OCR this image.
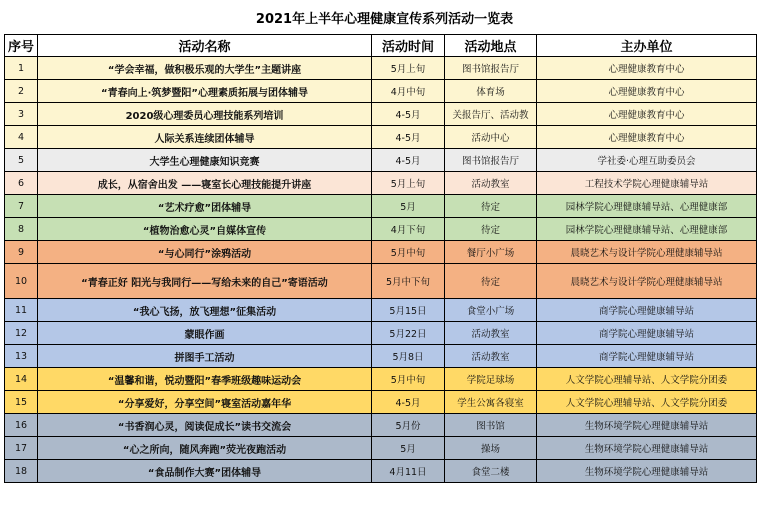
2021年上半年心理健康宣传系列活动一览表
序号	活动名称	活动时间	活动地点	主办单位
1	“学会幸福，做积极乐观的大学生”主题讲座	5月上旬	图书馆报告厅	心理健康教育中心
2	“青春向上·筑梦暨阳”心理素质拓展与团体辅导	4月中旬	体育场	心理健康教育中心
3	2020级心理委员心理技能系列培训	4-5月	关报告厅、活动教	心理健康教育中心
4	人际关系连续团体辅导	4-5月	活动中心	心理健康教育中心
5	大学生心理健康知识竞赛	4-5月	图书馆报告厅	学社委·心理互助委员会
6	成长，从宿舍出发 ——寝室长心理技能提升讲座	5月上旬	活动教室	工程技术学院心理健康辅导站
7	“艺术疗愈”团体辅导	5月	待定	园林学院心理健康辅导站、心理健康部
8	“植物治愈心灵”自媒体宣传	4月下旬	待定	园林学院心理健康辅导站、心理健康部
9	“与心同行”涂鸦活动	5月中旬	餐厅小广场	晨晓艺术与设计学院心理健康辅导站
10	“青春正好 阳光与我同行——写给未来的自己”寄语活动	5月中下旬	待定	晨晓艺术与设计学院心理健康辅导站
11	“我心飞扬，放飞理想”征集活动	5月15日	食堂小广场	商学院心理健康辅导站
12	蒙眼作画	5月22日	活动教室	商学院心理健康辅导站
13	拼图手工活动	5月8日	活动教室	商学院心理健康辅导站
14	“温馨和谐，悦动暨阳”春季班级趣味运动会	5月中旬	学院足球场	人文学院心理辅导站、人文学院分团委
15	“分享爱好，分享空间”寝室活动嘉年华	4-5月	学生公寓各寝室	人文学院心理辅导站、人文学院分团委
16	“书香润心灵，阅读促成长”读书交流会	5月份	图书馆	生物环境学院心理健康辅导站
17	“心之所向，随风奔跑”荧光夜跑活动	5月	操场	生物环境学院心理健康辅导站
18	“食品制作大赛”团体辅导	4月11日	食堂二楼	生物环境学院心理健康辅导站
